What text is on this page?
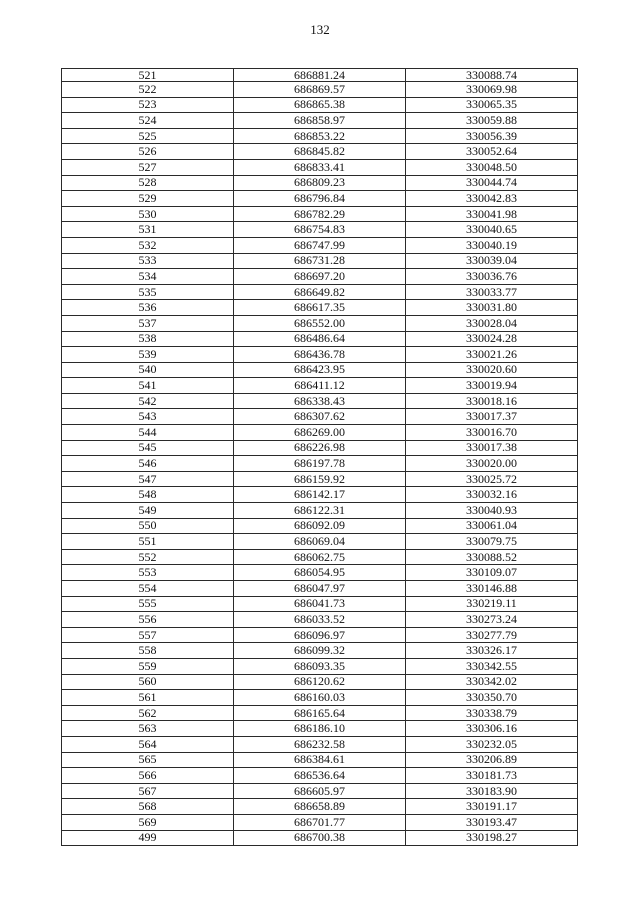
132
521	686881.24	330088.74
522	686869.57	330069.98
523	686865.38	330065.35
524	686858.97	330059.88
525	686853.22	330056.39
526	686845.82	330052.64
527	686833.41	330048.50
528	686809.23	330044.74
529	686796.84	330042.83
530	686782.29	330041.98
531	686754.83	330040.65
532	686747.99	330040.19
533	686731.28	330039.04
534	686697.20	330036.76
535	686649.82	330033.77
536	686617.35	330031.80
537	686552.00	330028.04
538	686486.64	330024.28
539	686436.78	330021.26
540	686423.95	330020.60
541	686411.12	330019.94
542	686338.43	330018.16
543	686307.62	330017.37
544	686269.00	330016.70
545	686226.98	330017.38
546	686197.78	330020.00
547	686159.92	330025.72
548	686142.17	330032.16
549	686122.31	330040.93
550	686092.09	330061.04
551	686069.04	330079.75
552	686062.75	330088.52
553	686054.95	330109.07
554	686047.97	330146.88
555	686041.73	330219.11
556	686033.52	330273.24
557	686096.97	330277.79
558	686099.32	330326.17
559	686093.35	330342.55
560	686120.62	330342.02
561	686160.03	330350.70
562	686165.64	330338.79
563	686186.10	330306.16
564	686232.58	330232.05
565	686384.61	330206.89
566	686536.64	330181.73
567	686605.97	330183.90
568	686658.89	330191.17
569	686701.77	330193.47
499	686700.38	330198.27
